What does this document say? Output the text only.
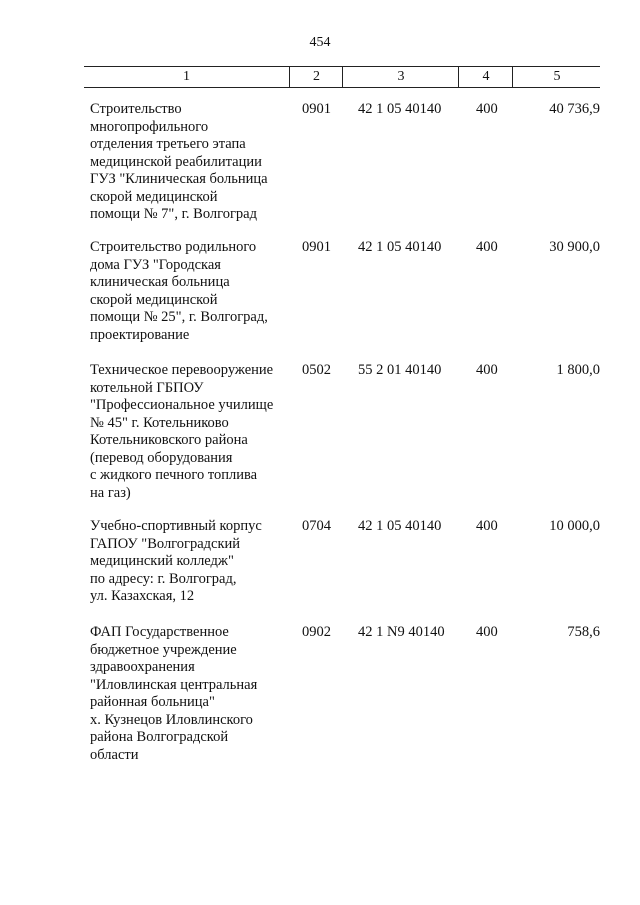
454
1	2	3	4	5
Строительство
многопрофильного
отделения третьего этапа
медицинской реабилитации
ГУЗ "Клиническая больница
скорой медицинской
помощи № 7", г. Волгоград
0901	42 1 05 40140	400	40 736,9
Строительство родильного
дома ГУЗ "Городская
клиническая больница
скорой медицинской
помощи № 25", г. Волгоград,
проектирование
0901	42 1 05 40140	400	30 900,0
Техническое перевооружение
котельной ГБПОУ
"Профессиональное училище
№ 45" г. Котельниково
Котельниковского района
(перевод оборудования
с жидкого печного топлива
на газ)
0502	55 2 01 40140	400	1 800,0
Учебно-спортивный корпус
ГАПОУ "Волгоградский
медицинский колледж"
по адресу: г. Волгоград,
ул. Казахская, 12
0704	42 1 05 40140	400	10 000,0
ФАП Государственное
бюджетное учреждение
здравоохранения
"Иловлинская центральная
районная больница"
х. Кузнецов Иловлинского
района Волгоградской
области
0902	42 1 N9 40140	400	758,6
